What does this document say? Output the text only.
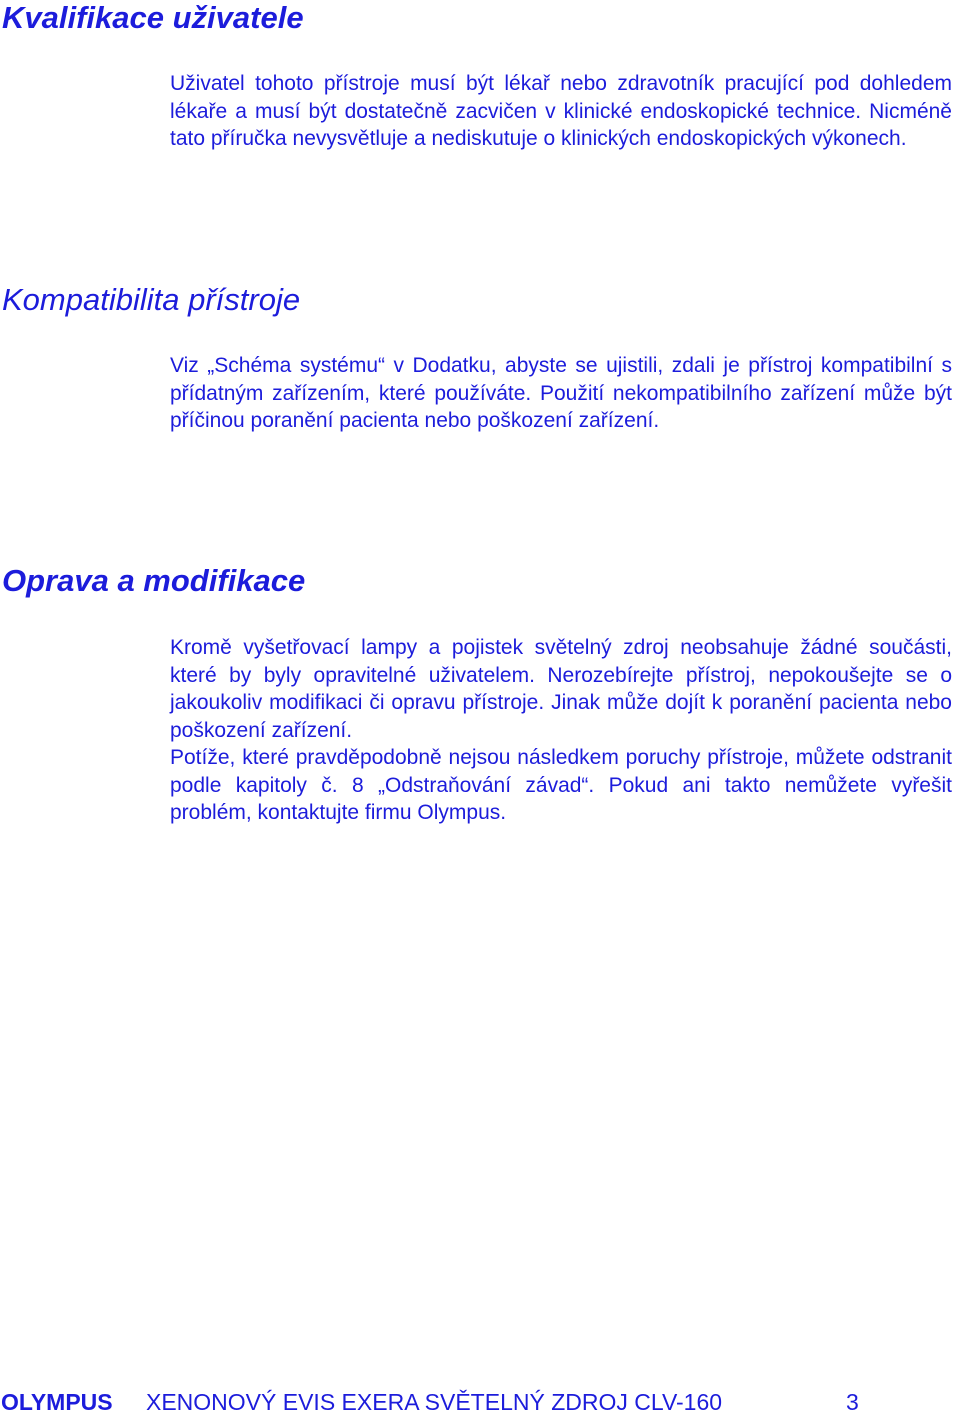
Kvalifikace uživatele

Uživatel tohoto přístroje musí být lékař nebo zdravotník pracující pod dohledem lékaře a musí být dostatečně zacvičen v klinické endoskopické technice. Nicméně tato příručka nevysvětluje a nediskutuje o klinických endoskopických výkonech.

Kompatibilita přístroje

Viz „Schéma systému“ v Dodatku, abyste se ujistili, zdali je přístroj kompatibilní s přídatným zařízením, které používáte. Použití nekompatibilního zařízení může být příčinou poranění pacienta nebo poškození zařízení.

Oprava a modifikace

Kromě vyšetřovací lampy a pojistek světelný zdroj neobsahuje žádné součásti, které by byly opravitelné uživatelem. Nerozebírejte přístroj, nepokoušejte se o jakoukoliv modifikaci či opravu přístroje. Jinak může dojít k poranění pacienta nebo poškození zařízení.

Potíže, které pravděpodobně nejsou následkem poruchy přístroje, můžete odstranit podle kapitoly č. 8 „Odstraňování závad“. Pokud ani takto nemůžete vyřešit problém, kontaktujte firmu Olympus.

OLYMPUS XENONOVÝ EVIS EXERA SVĚTELNÝ ZDROJ CLV-160	3
